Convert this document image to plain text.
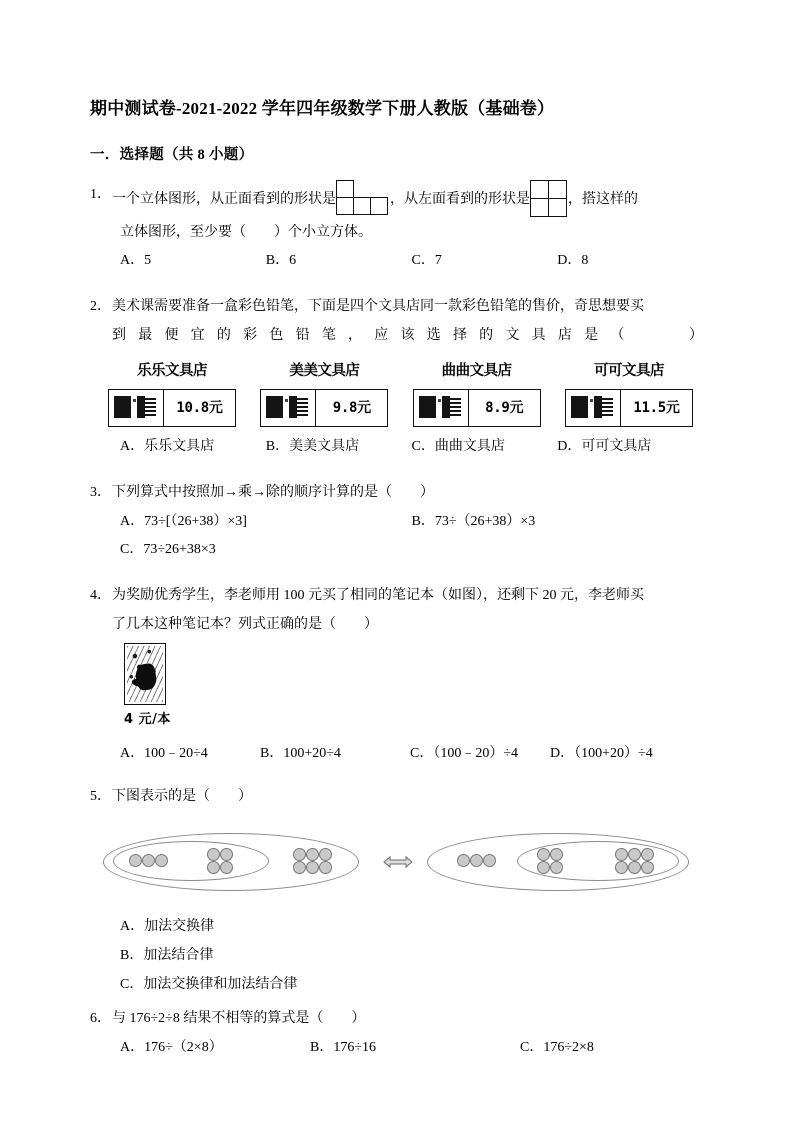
期中测试卷-2021-2022 学年四年级数学下册人教版（基础卷）
一．选择题（共 8 小题）
1． 一个立体图形，从正面看到的形状是	，从左面看到的形状是	，搭这样的
立体图形，至少要（　　）个小立方体。
A．5	B．6	C．7	D．8
2． 美术课需要准备一盒彩色铅笔，下面是四个文具店同一款彩色铅笔的售价，奇思想要买
到最便宜的彩色铅笔，应该选择的文具店是（　　）
乐乐文具店
10.8元
美美文具店
9.8元
曲曲文具店
8.9元
可可文具店
11.5元
A．乐乐文具店	B．美美文具店	C．曲曲文具店	D．可可文具店
3． 下列算式中按照加→乘→除的顺序计算的是（　　）
A．73÷[（26+38）×3]	B．73÷（26+38）×3
C．73÷26+38×3
4． 为奖励优秀学生，李老师用 100 元买了相同的笔记本（如图），还剩下 20 元，李老师买
了几本这种笔记本？列式正确的是（　　）
4 元/本
A．100﹣20÷4	B．100+20÷4	C．（100﹣20）÷4	D．（100+20）÷4
5． 下图表示的是（　　）
A．加法交换律
B．加法结合律
C．加法交换律和加法结合律
6． 与 176÷2÷8 结果不相等的算式是（　　）
A．176÷（2×8）	B．176÷16	C．176÷2×8
